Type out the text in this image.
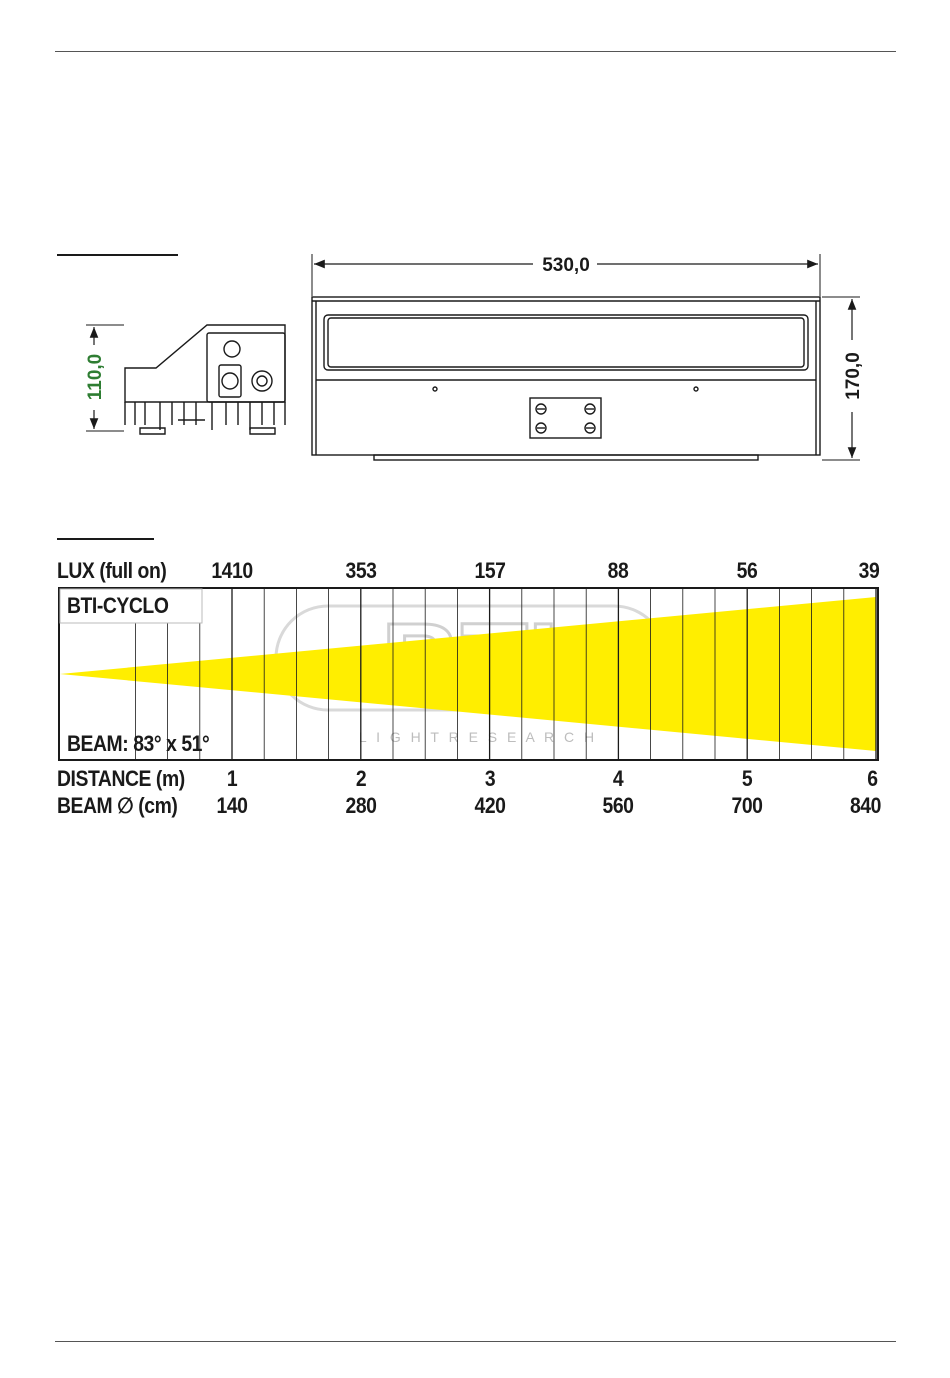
530,0
170,0
110,0
LUX (full on) 1410	353	157	88	56	39
L I G H T R E S E A R C H
BTI-CYCLO
BEAM: 83° x 51°
DISTANCE (m) 1	2	3	4	5	6
BEAM ∅ (cm) 140	280	420	560	700	840
